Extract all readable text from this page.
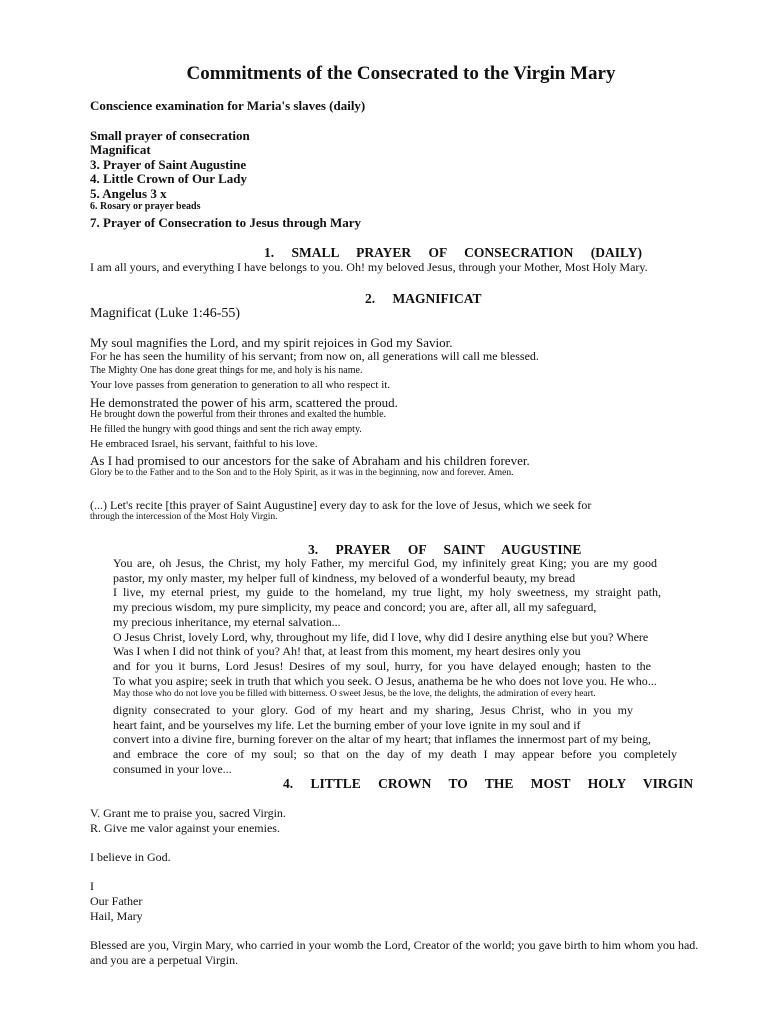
Commitments of the Consecrated to the Virgin Mary
Conscience examination for Maria's slaves (daily)
Small prayer of consecration
Magnificat
3. Prayer of Saint Augustine
4. Little Crown of Our Lady
5. Angelus 3 x
6. Rosary or prayer beads
7. Prayer of Consecration to Jesus through Mary
1. SMALL PRAYER OF CONSECRATION (DAILY)
I am all yours, and everything I have belongs to you. Oh! my beloved Jesus, through your Mother, Most Holy Mary.
2. MAGNIFICAT
Magnificat (Luke 1:46-55)
My soul magnifies the Lord, and my spirit rejoices in God my Savior.
For he has seen the humility of his servant; from now on, all generations will call me blessed.
The Mighty One has done great things for me, and holy is his name.
Your love passes from generation to generation to all who respect it.
He demonstrated the power of his arm, scattered the proud.
He brought down the powerful from their thrones and exalted the humble.
He filled the hungry with good things and sent the rich away empty.
He embraced Israel, his servant, faithful to his love.
As I had promised to our ancestors for the sake of Abraham and his children forever.
Glory be to the Father and to the Son and to the Holy Spirit, as it was in the beginning, now and forever. Amen.
(...) Let's recite [this prayer of Saint Augustine] every day to ask for the love of Jesus, which we seek for
through the intercession of the Most Holy Virgin.
3. PRAYER OF SAINT AUGUSTINE
You are, oh Jesus, the Christ, my holy Father, my merciful God, my infinitely great King; you are my good
pastor, my only master, my helper full of kindness, my beloved of a wonderful beauty, my bread
I live, my eternal priest, my guide to the homeland, my true light, my holy sweetness, my straight path,
my precious wisdom, my pure simplicity, my peace and concord; you are, after all, all my safeguard,
my precious inheritance, my eternal salvation...
O Jesus Christ, lovely Lord, why, throughout my life, did I love, why did I desire anything else but you? Where
Was I when I did not think of you? Ah! that, at least from this moment, my heart desires only you
and for you it burns, Lord Jesus! Desires of my soul, hurry, for you have delayed enough; hasten to the
To what you aspire; seek in truth that which you seek. O Jesus, anathema be he who does not love you. He who...
May those who do not love you be filled with bitterness. O sweet Jesus, be the love, the delights, the admiration of every heart.
dignity consecrated to your glory. God of my heart and my sharing, Jesus Christ, who in you my
heart faint, and be yourselves my life. Let the burning ember of your love ignite in my soul and if
convert into a divine fire, burning forever on the altar of my heart; that inflames the innermost part of my being,
and embrace the core of my soul; so that on the day of my death I may appear before you completely
consumed in your love...
4. LITTLE CROWN TO THE MOST HOLY VIRGIN
V. Grant me to praise you, sacred Virgin.
R. Give me valor against your enemies.
I believe in God.
I
Our Father
Hail, Mary
Blessed are you, Virgin Mary, who carried in your womb the Lord, Creator of the world; you gave birth to him whom you had.
and you are a perpetual Virgin.
